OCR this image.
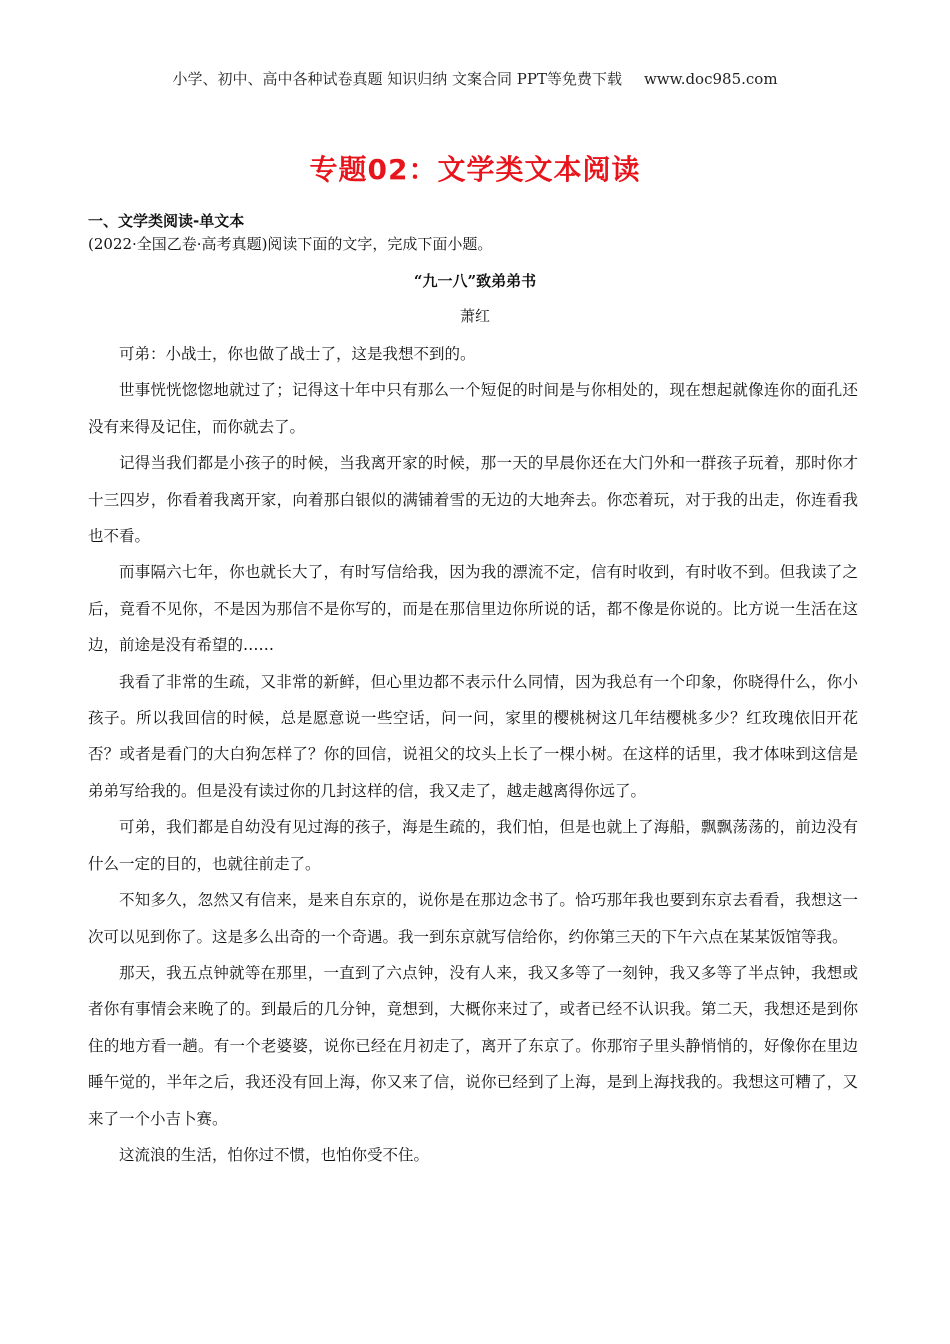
小学、初中、高中各种试卷真题 知识归纳 文案合同 PPT等免费下载 www.doc985.com
专题02：文学类文本阅读
一、文学类阅读-单文本
(2022·全国乙卷·高考真题)阅读下面的文字，完成下面小题。
“九一八”致弟弟书
萧红

可弟：小战士，你也做了战士了，这是我想不到的。

世事恍恍惚惚地就过了；记得这十年中只有那么一个短促的时间是与你相处的，现在想起就像连你的面孔还没有来得及记住，而你就去了。

记得当我们都是小孩子的时候，当我离开家的时候，那一天的早晨你还在大门外和一群孩子玩着，那时你才十三四岁，你看着我离开家，向着那白银似的满铺着雪的无边的大地奔去。你恋着玩，对于我的出走，你连看我也不看。

而事隔六七年，你也就长大了，有时写信给我，因为我的漂流不定，信有时收到，有时收不到。但我读了之后，竟看不见你，不是因为那信不是你写的，而是在那信里边你所说的话，都不像是你说的。比方说一生活在这边，前途是没有希望的……

我看了非常的生疏，又非常的新鲜，但心里边都不表示什么同情，因为我总有一个印象，你晓得什么，你小孩子。所以我回信的时候，总是愿意说一些空话，问一问，家里的樱桃树这几年结樱桃多少？红玫瑰依旧开花否？或者是看门的大白狗怎样了？你的回信，说祖父的坟头上长了一棵小树。在这样的话里，我才体味到这信是弟弟写给我的。但是没有读过你的几封这样的信，我又走了，越走越离得你远了。

可弟，我们都是自幼没有见过海的孩子，海是生疏的，我们怕，但是也就上了海船，飘飘荡荡的，前边没有什么一定的目的，也就往前走了。

不知多久，忽然又有信来，是来自东京的，说你是在那边念书了。恰巧那年我也要到东京去看看，我想这一次可以见到你了。这是多么出奇的一个奇遇。我一到东京就写信给你，约你第三天的下午六点在某某饭馆等我。

那天，我五点钟就等在那里，一直到了六点钟，没有人来，我又多等了一刻钟，我又多等了半点钟，我想或者你有事情会来晚了的。到最后的几分钟，竟想到，大概你来过了，或者已经不认识我。第二天，我想还是到你住的地方看一趟。有一个老婆婆，说你已经在月初走了，离开了东京了。你那帘子里头静悄悄的，好像你在里边睡午觉的，半年之后，我还没有回上海，你又来了信，说你已经到了上海，是到上海找我的。我想这可糟了，又来了一个小吉卜赛。

这流浪的生活，怕你过不惯，也怕你受不住。
